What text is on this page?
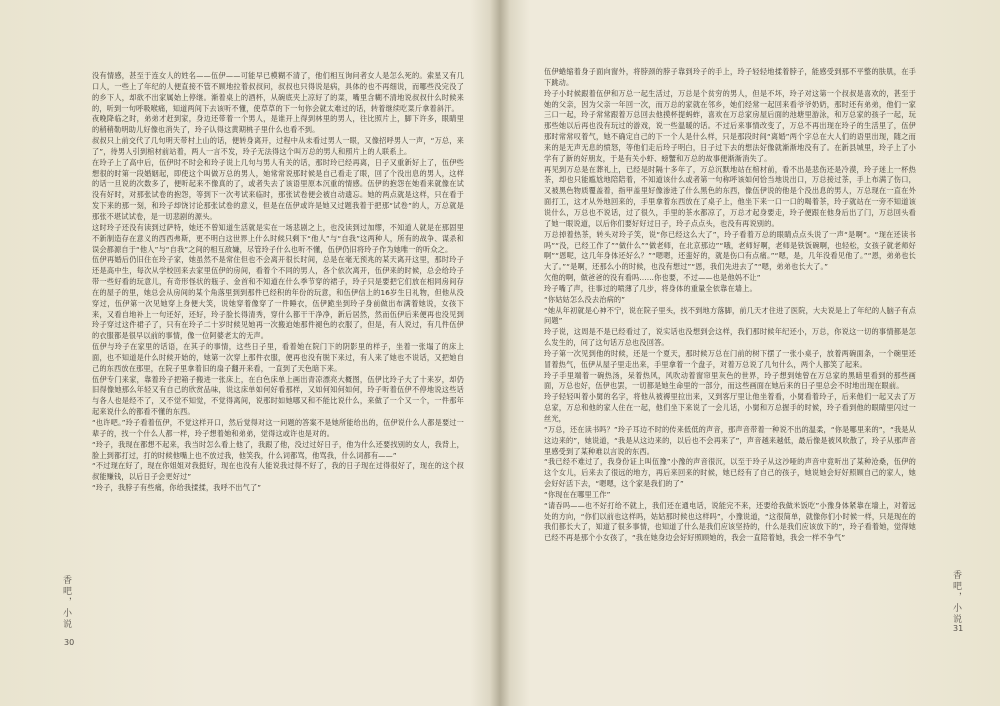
没有情感，甚至于连女人的姓名——伍伊——可能早已模糊不清了，他们相互询问者女人是怎么死的。索星又有几口人，一些上了年纪的人便直接不管不顾地拉着叔叔问，叔叔也只得说是病，具体的也不再细说，而哪些没完没了的乡下人，却欲不出家属始上停继。渐着桌上的酒杯，从碗底夹上凉好了的菜，嘴里含糊不清地说叔叔什么时候来的，听到一句呼吸喉痛，知道两间下去该听不懂，使草草的下一句你会就太难过的话，转着继续吃菜斤拿着斜汗。

夜晚降临之时，弟弟才赶到家，身边还带着一个男人，是谁开上得到林里的男人，往比照片上，脚下许多，眼睛里的稍稍勒明助儿好像也消失了，玲子认得这黄期桃子里什么也看不到。

叔叔只上前交代了几句明天带村上山的话，便转身离开，过程中从未看过男人一眼，又像招呼男人一声，“万总，来了”，待男人引到棺材前站着，两人一言不发，玲子无法得这个叫万总的男人和照片上的人联系上。

在玲子上了高中后，伍伊时不时会和玲子说上几句与男人有关的话，那时玲已经再离，日子又重新好上了，伍伊些想很的时第一段婚姻起，即使这个叫做万总的男人，她常常说那时候是自己看走了眼，回了个没出息的男人，这样的话一旦说的次数多了，便听起来不像真的了，或者失去了该语里原本沉重的情感。伍伊的抱怨在她看来就像在试没有好时，对那张试卷的抱怨，等到下一次考试来临时，那张试卷便会被自动遗忘。她的两点就是这样，只在看于发下来的那一刻，和玲子却饶讨论那张试卷的意义，但是在伍伊或许是她又过题我着于把那“试卷”的人，万总就是那张不堪试试卷，是一切悲剧的源头。

这时玲子还没有读到过萨特，她还不曾知道生活就是实在一场悲剧之上，也没读到过加缪，不知道人就是在那固里不新制造存在意义的西西弗斯，更不明白这世界上什么时候只剩下“他人”与“自我”这两种人，所有的战争、谋杀和误会都源自于“他人”与“自我”之间的相互敌嫌，尽管玲子什么也听不懂，伍伊仍旧将玲子作为她唯一的听众之。

伍伊再婚后仍旧住在玲子家，她虽然不是常住但也不会离开很长时间，总是在毫无预兆的某天离开这里，那时玲子还是高中生，每次从学校回来去家里伍伊的房间，看着个不同的男人，各个依次离开，伍伊来的时候，总会给玲子带一些好看的玩意儿，有奇形怪状的瓶子、金首和不知道在什么季节穿的裙子，玲子只是要把它们放在相同房间存在的屋子的里，她总会从房间的某个角落里到到那件已经积的年份的玩意，和伍伊信上的16岁生日礼物，但他从没穿过，伍伊第一次见她穿上身便大笑，说她穿着像穿了一件睡衣，伍伊跪坐到玲子身前做出布满着她说，女孩下来，又看自地补上一句还好，还好，玲子脸长得清秀，穿什么都干干净净，新后居然，然而伍伊后来便再也没见到玲子穿过这件裙子了，只有在玲子二十岁时候见她再一次搬迫她那件褪色的衣服了，但是，有人说过，有几件伍伊的衣服都是很早以前的事情，像一位阿婆老太的无声。

伍伊与玲子在家里的话语，在其子的事情，这些日子里，看着她在院门下的阴影里的样子，坐着一张塌了的床上面，也不知道是什么时候开始的，她第一次穿上那件衣服，便再也没有脱下来过，有人来了她也不说话，又把她自己的东西放在那里，在院子里拿着旧的扇子翻开来看，一直到了天色暗下来。

伍伊专门来家，靠着玲子把箱子搬进一张床上，在白色床单上画出青凉漂亮大概图，伍伊比玲子大了十来岁，却仍旧得像她那么年轻又有自己的欣赏品味，说这床单如何好看那样，又如何知何如何，玲子听着伍伊不停地说这些话与各人也是经不了，又不觉不知觉，不觉得离间，说那时如她哪又和不能比说什么，来做了一个又一个，一件那年起来说什么的都看不懂的东西。

“也许吧。”玲子看着伍伊，不觉这样开口，然后觉得对这一问题的答案不是她所能给出的，伍伊说什么人都是要过一辈子的，找一个什么人都一样，玲子想着她和弟弟，觉得这或许也是对的。

“玲子，我现在都想不起来，我当时怎么看上他了，我跟了他，没过过好日子，他为什么还要找别的女人，我背上，脸上到都打过，打的时候他嘴上也不放过我，他笑我，什么词都骂，他骂我，什么词都有——”

“不过现在好了，现在你姐姐对我挺好，现在也没有人能说我过得不好了，我的日子现在过得很好了，现在的这个叔叔能赚钱，以后日子会更好过”

“玲子，我脖子有些痛，你给我揉揉，我呼不出气了”

香吧，小说
30

伍伊蜷缩着身子面向窗外，将脖颈的脖子靠到玲子的手上，玲子轻轻地揉着脖子，能感受到那不平整的肤肌，在手下跳动。

玲子小时候跟着伍伊和万总一起生活过，万总是个贫穷的男人，但是不坏，玲子对这第一个叔叔是喜欢的，甚至于她的父亲，因为父亲一年回一次，而万总的家就在邻乡，她们经常一起回来看爷爷奶奶，那时还有弟弟，他们一家三口一起，玲子常常跟着万总回去他摸杯提蚂蚱，喜欢在万总家房屋后面的池塘里游泳，和万总家的孩子一起，玩那些她以后再也没有玩过的游戏，说一些温暖的话。不过后来事情改变了，万总不再出现在玲子的生活里了，伍伊那时常常叹着气，她不确定自己的下一个人是什么样，只是那段时间“离婚”两个字总在大人们的语里出现，随之而来的是无声无息的愤怒，等他们走后玲子明白，日子过下去的想法好像就渐渐地没有了。在新县城里，玲子上了小学有了新的好朋友，于是有关小虾、螃蟹和万总的故事便渐渐消失了。

再见到万总是在葬礼上，已经是时隔十多年了，万总沉默地站在棺材前，看不出是悲伤还是冷漠，玲子迷上一杯热茶，却也只能尴尬地陪陪着，不知道该什么或者第一句称呼该如何恰当地说出口，万总接过茶，手上布满了伤口，又被黑色物质覆盖着，指甲盖里好像渗进了什么黑色的东西，像伍伊说的他是个没出息的男人，万总现在一直在外面打工，这才从外地回来的，手里拿着东西放在了桌子上，他坐下来一口一口的喝着茶，玲子就站在一旁不知道该说什么，万总也不说话，过了很久，手里的茶水都凉了，万总才起身要走，玲子便跟在他身后出了门，万总回头看了她一眼说道，以后你们要好好过日子，玲子点点头，也没有再说别的。

万总掉着热茶，转头对玲子笑，说“你已经这么大了”，玲子看着万总的眼睛点点头说了一声“是啊”。“现在还读书吗”“没，已经工作了”“做什么”“做老师，在北京那边”“哦，老师好啊，老师是铁饭碗啊，也轻松，女孩子就老师好啊”“恩呢，这几年身体还好么？”“嗯嗯，还蛮好的，就是伤口有点痛。”“嗯，是，几年没看见他了。”“恩，弟弟也长大了。”“是啊，还那么小的时候，也没有想过”“恩，我们先进去了”“嗯，弟弟也长大了。”

欠他的啊，做爸爸的没有看吗……你也要，不过——也是他妈不让”

玲子嘴了声，往事过的喷薄了几步，将身体的重量全依靠在墙上。

“你姑姑怎么没去治病的”

“她从年初就是心神不宁，说在院子里头，找不到地方落脚，前几天才住进了医院，大夫说是上了年纪的人脑子有点问题”

玲子说，这周是不是已经看过了，说实话也没想到会这样，我们那时候年纪还小，万总，你说这一切的事情都是怎么发生的，问了这句话万总也没回答。

玲子第一次见到他的时候，还是一个夏天，那时候万总在门前的树下摆了一张小桌子，放着两碗面条，一个碗里还冒着热气，伍伊从屋子里走出来，手里拿着一个盘子，对着万总说了几句什么，两个人都笑了起来。

玲子手里端着一碗热汤，呆着热风，风吹动着窗帘里灰色的世界，玲子想到她曾在万总家的黑暗里看到的那些画面，万总也好，伍伊也罢，一切都是她生命里的一部分，而这些画面在她后来的日子里总会不时地出现在眼前。

玲子轻轻叫着小舅的名字，将他从被褥里拉出来，又到客厅里让他坐着看，小舅看着玲子，后来他们一起又去了万总家，万总和他的家人住在一起，他们坐下来说了一会儿话，小舅和万总握手的时候，玲子看到他的眼睛里闪过一丝光，

“万总，还在读书吗？”玲子耳边不时的传来低低的声音，那声音带着一种说不出的温柔，“你是哪里来的”，“我是从这边来的”，她说道，“我是从这边来的，以后也不会再来了”，声音越来越低，最后像是被风吹散了，玲子从那声音里感受到了某种难以言说的东西。

“我已经不难过了，我身份证上叫伍豫”小豫的声音很沉，以至于玲子从这沙哑的声音中竟听出了某种沧桑，伍伊的这个女儿，后来去了很远的地方，再后来回来的时候，她已经有了自己的孩子，她说她会好好照顾自己的家人，她会好好活下去，“嗯嗯，这个家是我们的了”

“你现在在哪里工作”

“请吞吗——也不好打给不就上，我们还在通电话，说能完不来，还要给我做米饭吃”小豫身体紧靠在墙上，对着远处的方向，“你们以前也这样吗，姑姑那时候也这样吗”，小豫说道，“这很简单，就像你们小时候一样，只是现在的我们都长大了，知道了很多事情，也知道了什么是我们应该坚持的，什么是我们应该放下的”，玲子看着她，觉得她已经不再是那个小女孩了，“我在她身边会好好照顾她的，我会一直陪着她，我会一样不争气”

香吧，小说
31
